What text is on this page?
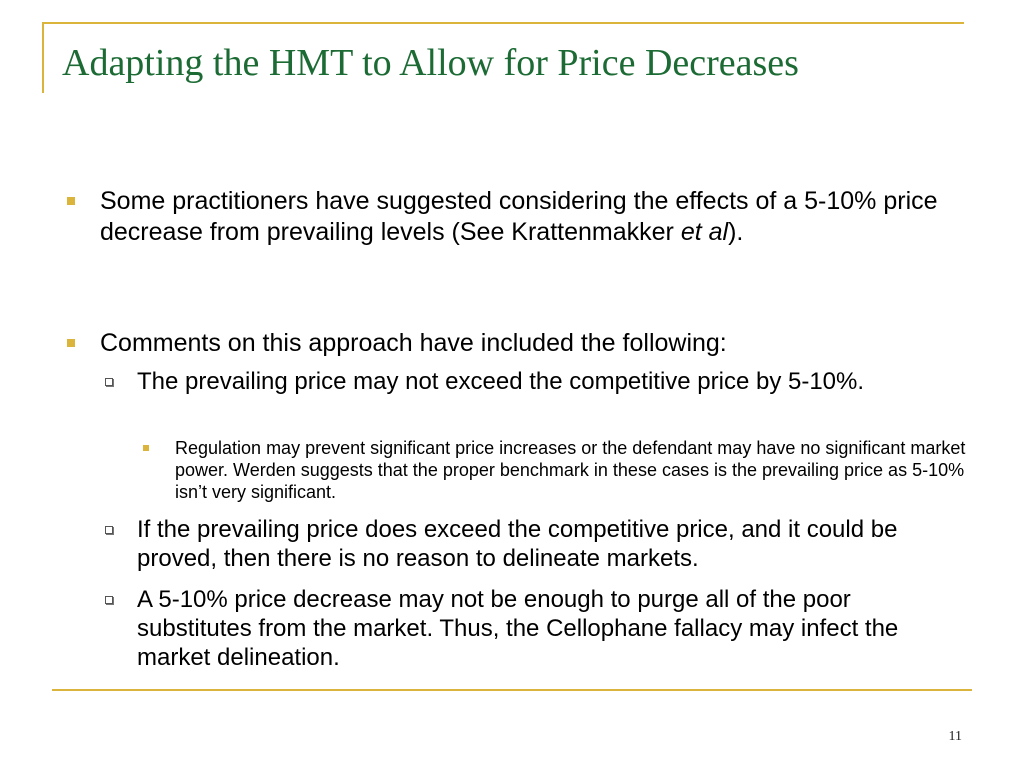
Adapting the HMT to Allow for Price Decreases
Some practitioners have suggested considering the effects of a 5-10% price decrease from prevailing levels (See Krattenmakker et al).
Comments on this approach have included the following:
The prevailing price may not exceed the competitive price by 5-10%.
Regulation may prevent significant price increases or the defendant may have no significant market power. Werden suggests that the proper benchmark in these cases is the prevailing price as 5-10% isn’t very significant.
If the prevailing price does exceed the competitive price, and it could be proved, then there is no reason to delineate markets.
A 5-10% price decrease may not be enough to purge all of the poor substitutes from the market. Thus, the Cellophane fallacy may infect the market delineation.
11
